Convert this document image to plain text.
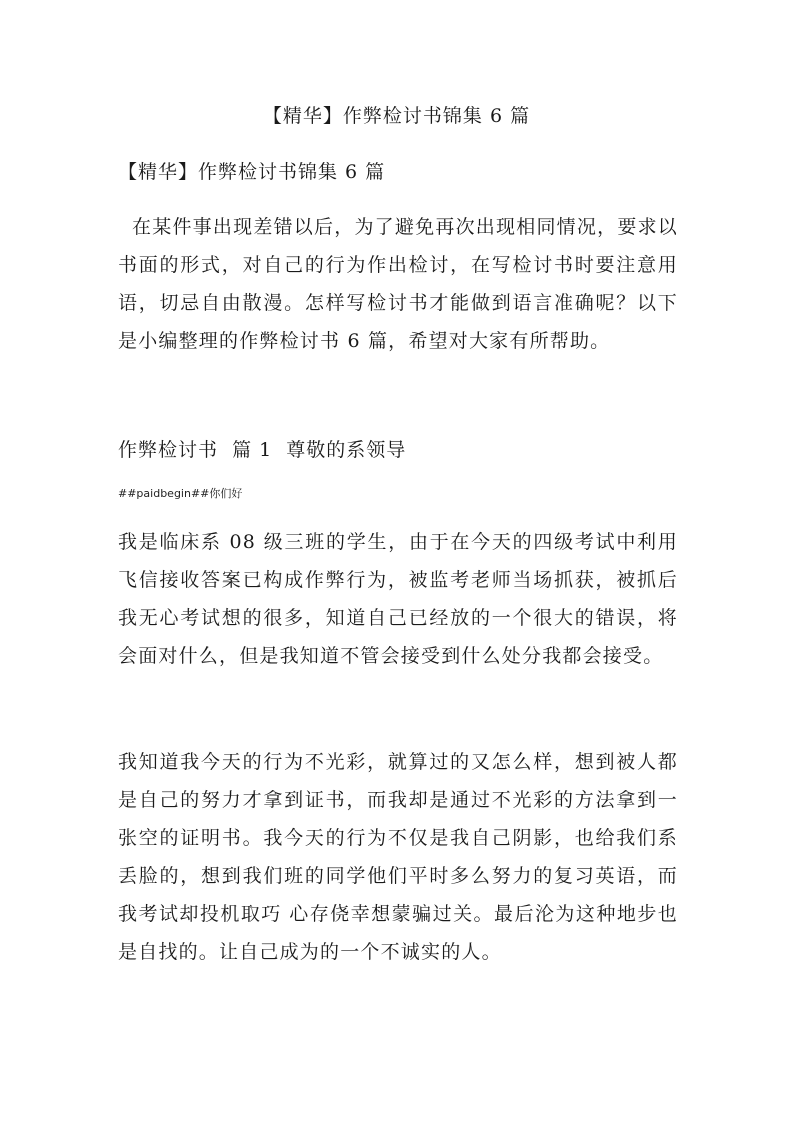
【精华】作弊检讨书锦集 6 篇
【精华】作弊检讨书锦集 6 篇

在某件事出现差错以后，为了避免再次出现相同情况，要求以书面的形式，对自己的行为作出检讨，在写检讨书时要注意用语，切忌自由散漫。怎样写检讨书才能做到语言准确呢？以下是小编整理的作弊检讨书 6 篇，希望对大家有所帮助。

作弊检讨书  篇 1  尊敬的系领导
##paidbegin##你们好

我是临床系 08 级三班的学生，由于在今天的四级考试中利用飞信接收答案已构成作弊行为，被监考老师当场抓获，被抓后我无心考试想的很多，知道自己已经放的一个很大的错误，将会面对什么，但是我知道不管会接受到什么处分我都会接受。

我知道我今天的行为不光彩，就算过的又怎么样，想到被人都是自己的努力才拿到证书，而我却是通过不光彩的方法拿到一张空的证明书。我今天的行为不仅是我自己阴影，也给我们系丢脸的，想到我们班的同学他们平时多么努力的复习英语，而我考试却投机取巧 心存侥幸想蒙骗过关。最后沦为这种地步也是自找的。让自己成为的一个不诚实的人。
